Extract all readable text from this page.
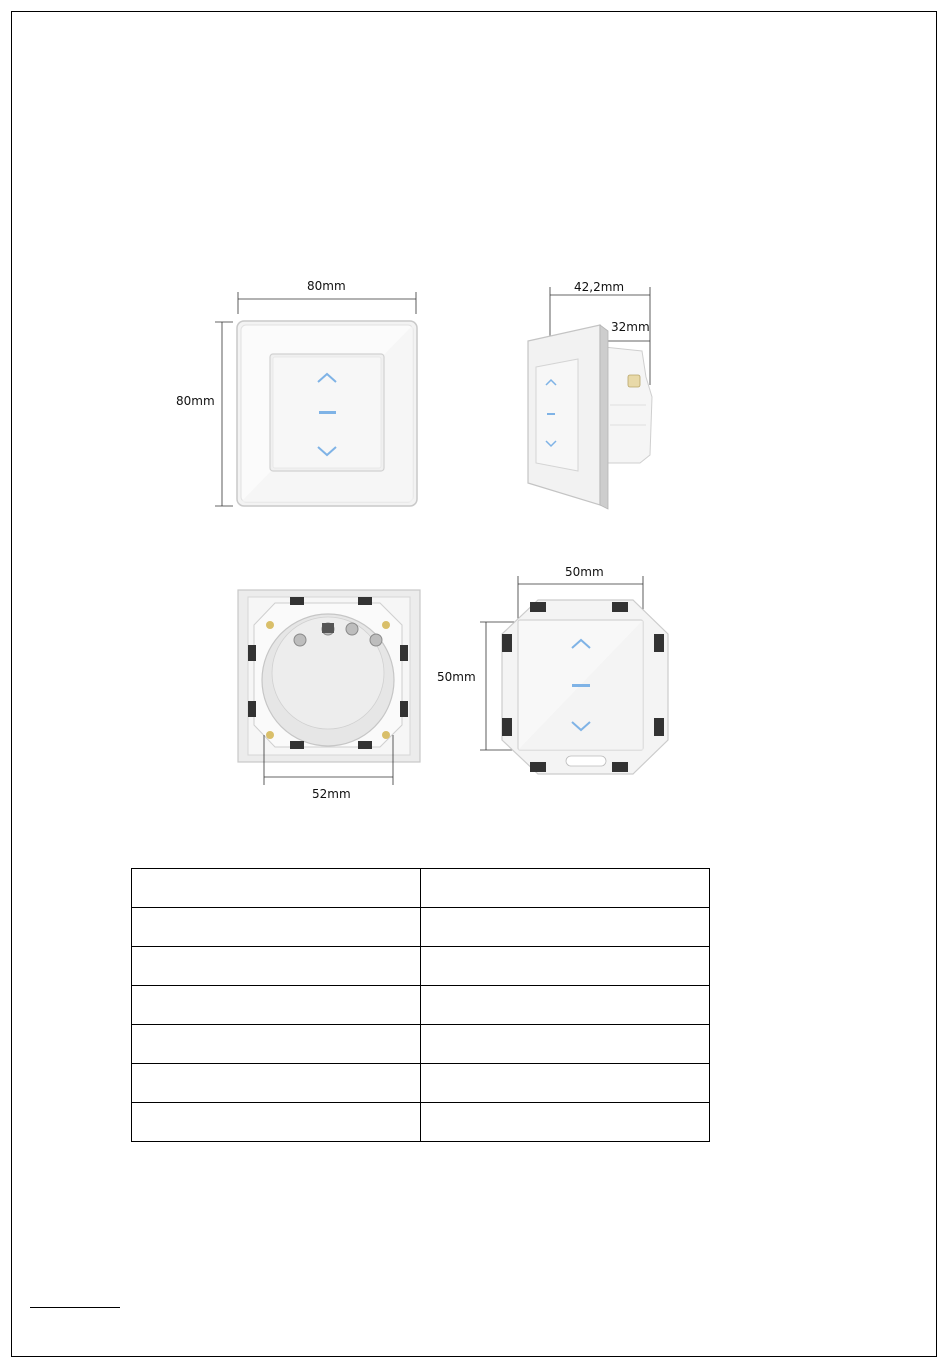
80mm
80mm
42,2mm
32mm
52mm
50mm
50mm
